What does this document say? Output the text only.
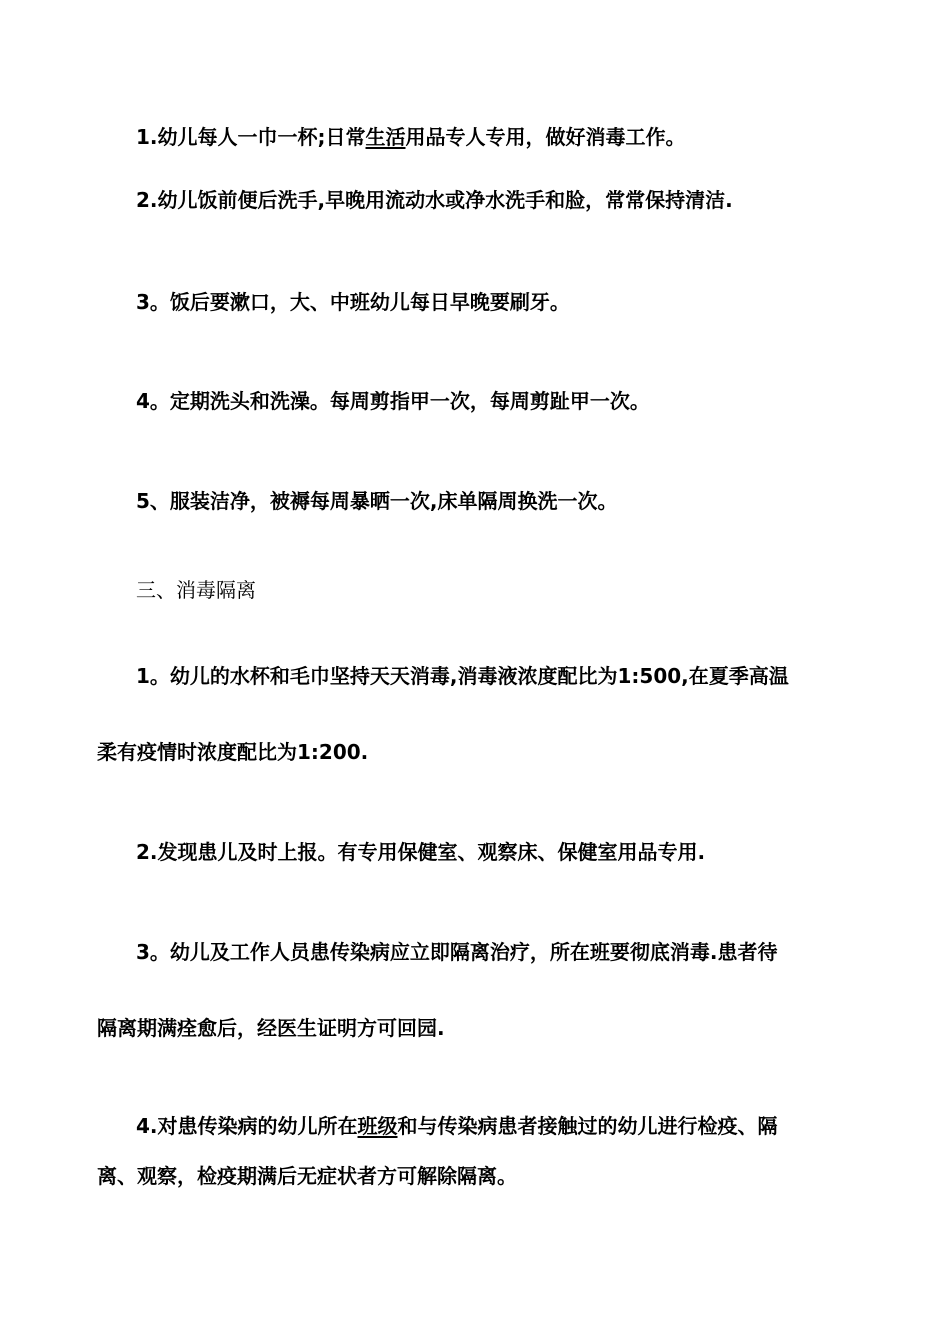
1.幼儿每人一巾一杯;日常生活用品专人专用，做好消毒工作。

2.幼儿饭前便后洗手,早晚用流动水或净水洗手和脸，常常保持清洁.

3。饭后要漱口，大、中班幼儿每日早晚要刷牙。

4。定期洗头和洗澡。每周剪指甲一次，每周剪趾甲一次。

5、服装洁净，被褥每周暴晒一次,床单隔周换洗一次。

三、消毒隔离

1。幼儿的水杯和毛巾坚持天天消毒,消毒液浓度配比为1:500,在夏季高温

柔有疫情时浓度配比为1:200.

2.发现患儿及时上报。有专用保健室、观察床、保健室用品专用.

3。幼儿及工作人员患传染病应立即隔离治疗，所在班要彻底消毒.患者待

隔离期满痊愈后，经医生证明方可回园.

4.对患传染病的幼儿所在班级和与传染病患者接触过的幼儿进行检疫、隔

离、观察，检疫期满后无症状者方可解除隔离。
